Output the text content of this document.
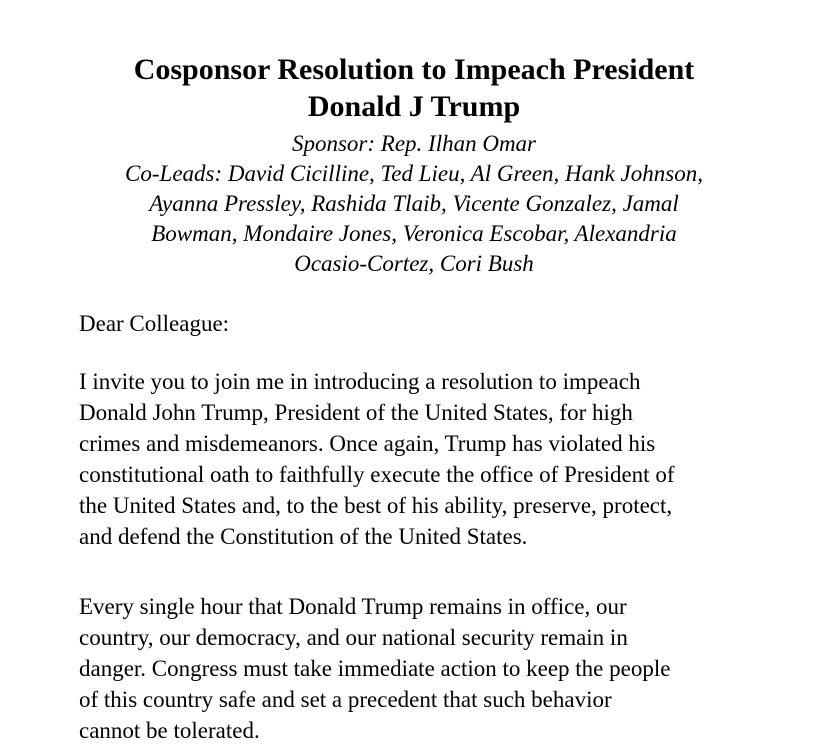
Cosponsor Resolution to Impeach President
Donald J Trump
Sponsor: Rep. Ilhan Omar
Co-Leads: David Cicilline, Ted Lieu, Al Green, Hank Johnson,
Ayanna Pressley, Rashida Tlaib, Vicente Gonzalez, Jamal
Bowman, Mondaire Jones, Veronica Escobar, Alexandria
Ocasio-Cortez, Cori Bush

Dear Colleague:

I invite you to join me in introducing a resolution to impeach
Donald John Trump, President of the United States, for high
crimes and misdemeanors. Once again, Trump has violated his
constitutional oath to faithfully execute the office of President of
the United States and, to the best of his ability, preserve, protect,
and defend the Constitution of the United States.

Every single hour that Donald Trump remains in office, our
country, our democracy, and our national security remain in
danger. Congress must take immediate action to keep the people
of this country safe and set a precedent that such behavior
cannot be tolerated.
